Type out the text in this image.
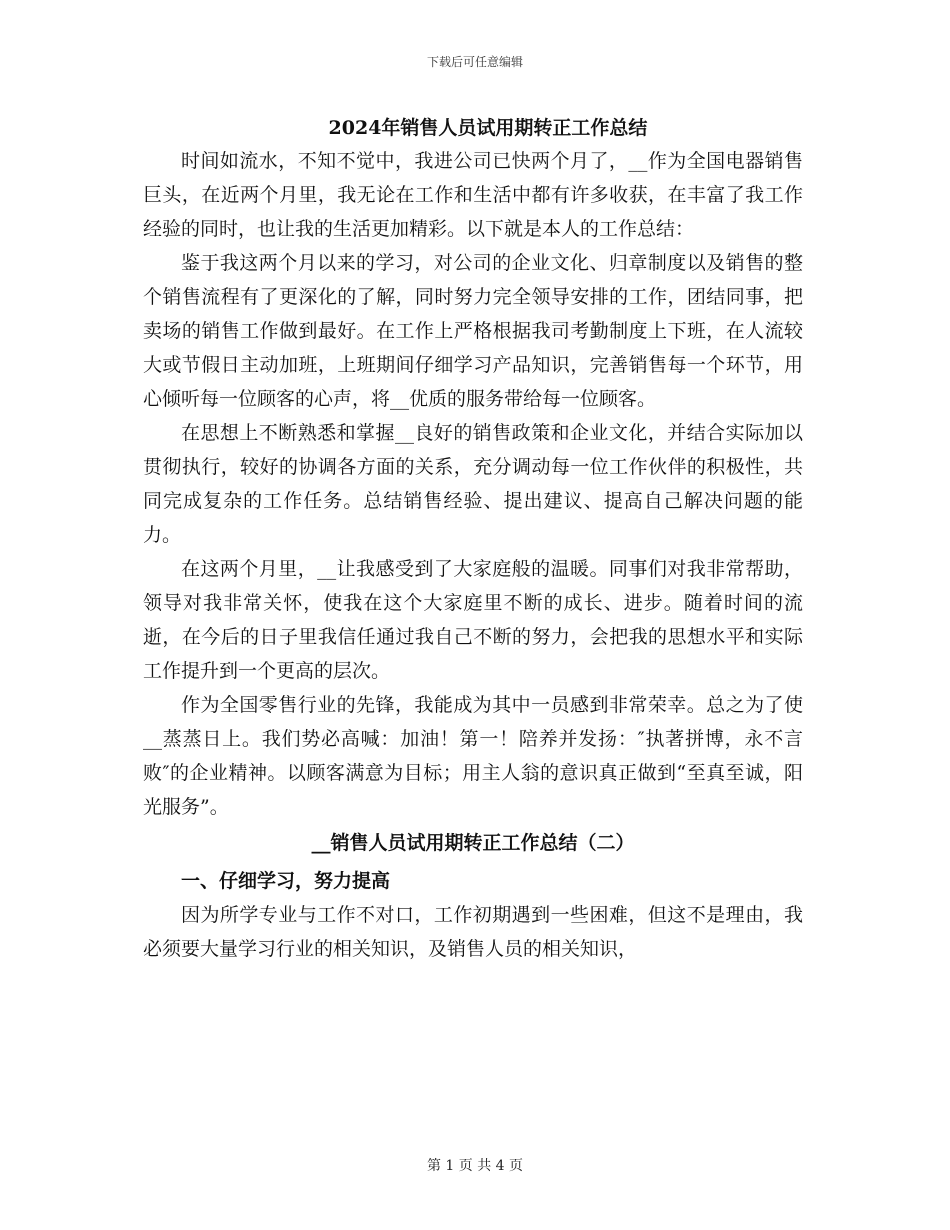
下载后可任意编辑
2024年销售人员试用期转正工作总结

时间如流水，不知不觉中，我进公司已快两个月了，__作为全国电器销售巨头，在近两个月里，我无论在工作和生活中都有许多收获，在丰富了我工作经验的同时，也让我的生活更加精彩。以下就是本人的工作总结：

鉴于我这两个月以来的学习，对公司的企业文化、归章制度以及销售的整个销售流程有了更深化的了解，同时努力完全领导安排的工作，团结同事，把卖场的销售工作做到最好。在工作上严格根据我司考勤制度上下班，在人流较大或节假日主动加班，上班期间仔细学习产品知识，完善销售每一个环节，用心倾听每一位顾客的心声，将__优质的服务带给每一位顾客。

在思想上不断熟悉和掌握__良好的销售政策和企业文化，并结合实际加以贯彻执行，较好的协调各方面的关系，充分调动每一位工作伙伴的积极性，共同完成复杂的工作任务。总结销售经验、提出建议、提高自己解决问题的能力。

在这两个月里，__让我感受到了大家庭般的温暖。同事们对我非常帮助，领导对我非常关怀，使我在这个大家庭里不断的成长、进步。随着时间的流逝，在今后的日子里我信任通过我自己不断的努力，会把我的思想水平和实际工作提升到一个更高的层次。

作为全国零售行业的先锋，我能成为其中一员感到非常荣幸。总之为了使__蒸蒸日上。我们势必高喊：加油！第一！陪养并发扬：″执著拼博，永不言败″的企业精神。以顾客满意为目标；用主人翁的意识真正做到“至真至诚，阳光服务”。

__销售人员试用期转正工作总结（二）
一、仔细学习，努力提高

因为所学专业与工作不对口，工作初期遇到一些困难，但这不是理由，我必须要大量学习行业的相关知识，及销售人员的相关知识，

第 1 页 共 4 页
